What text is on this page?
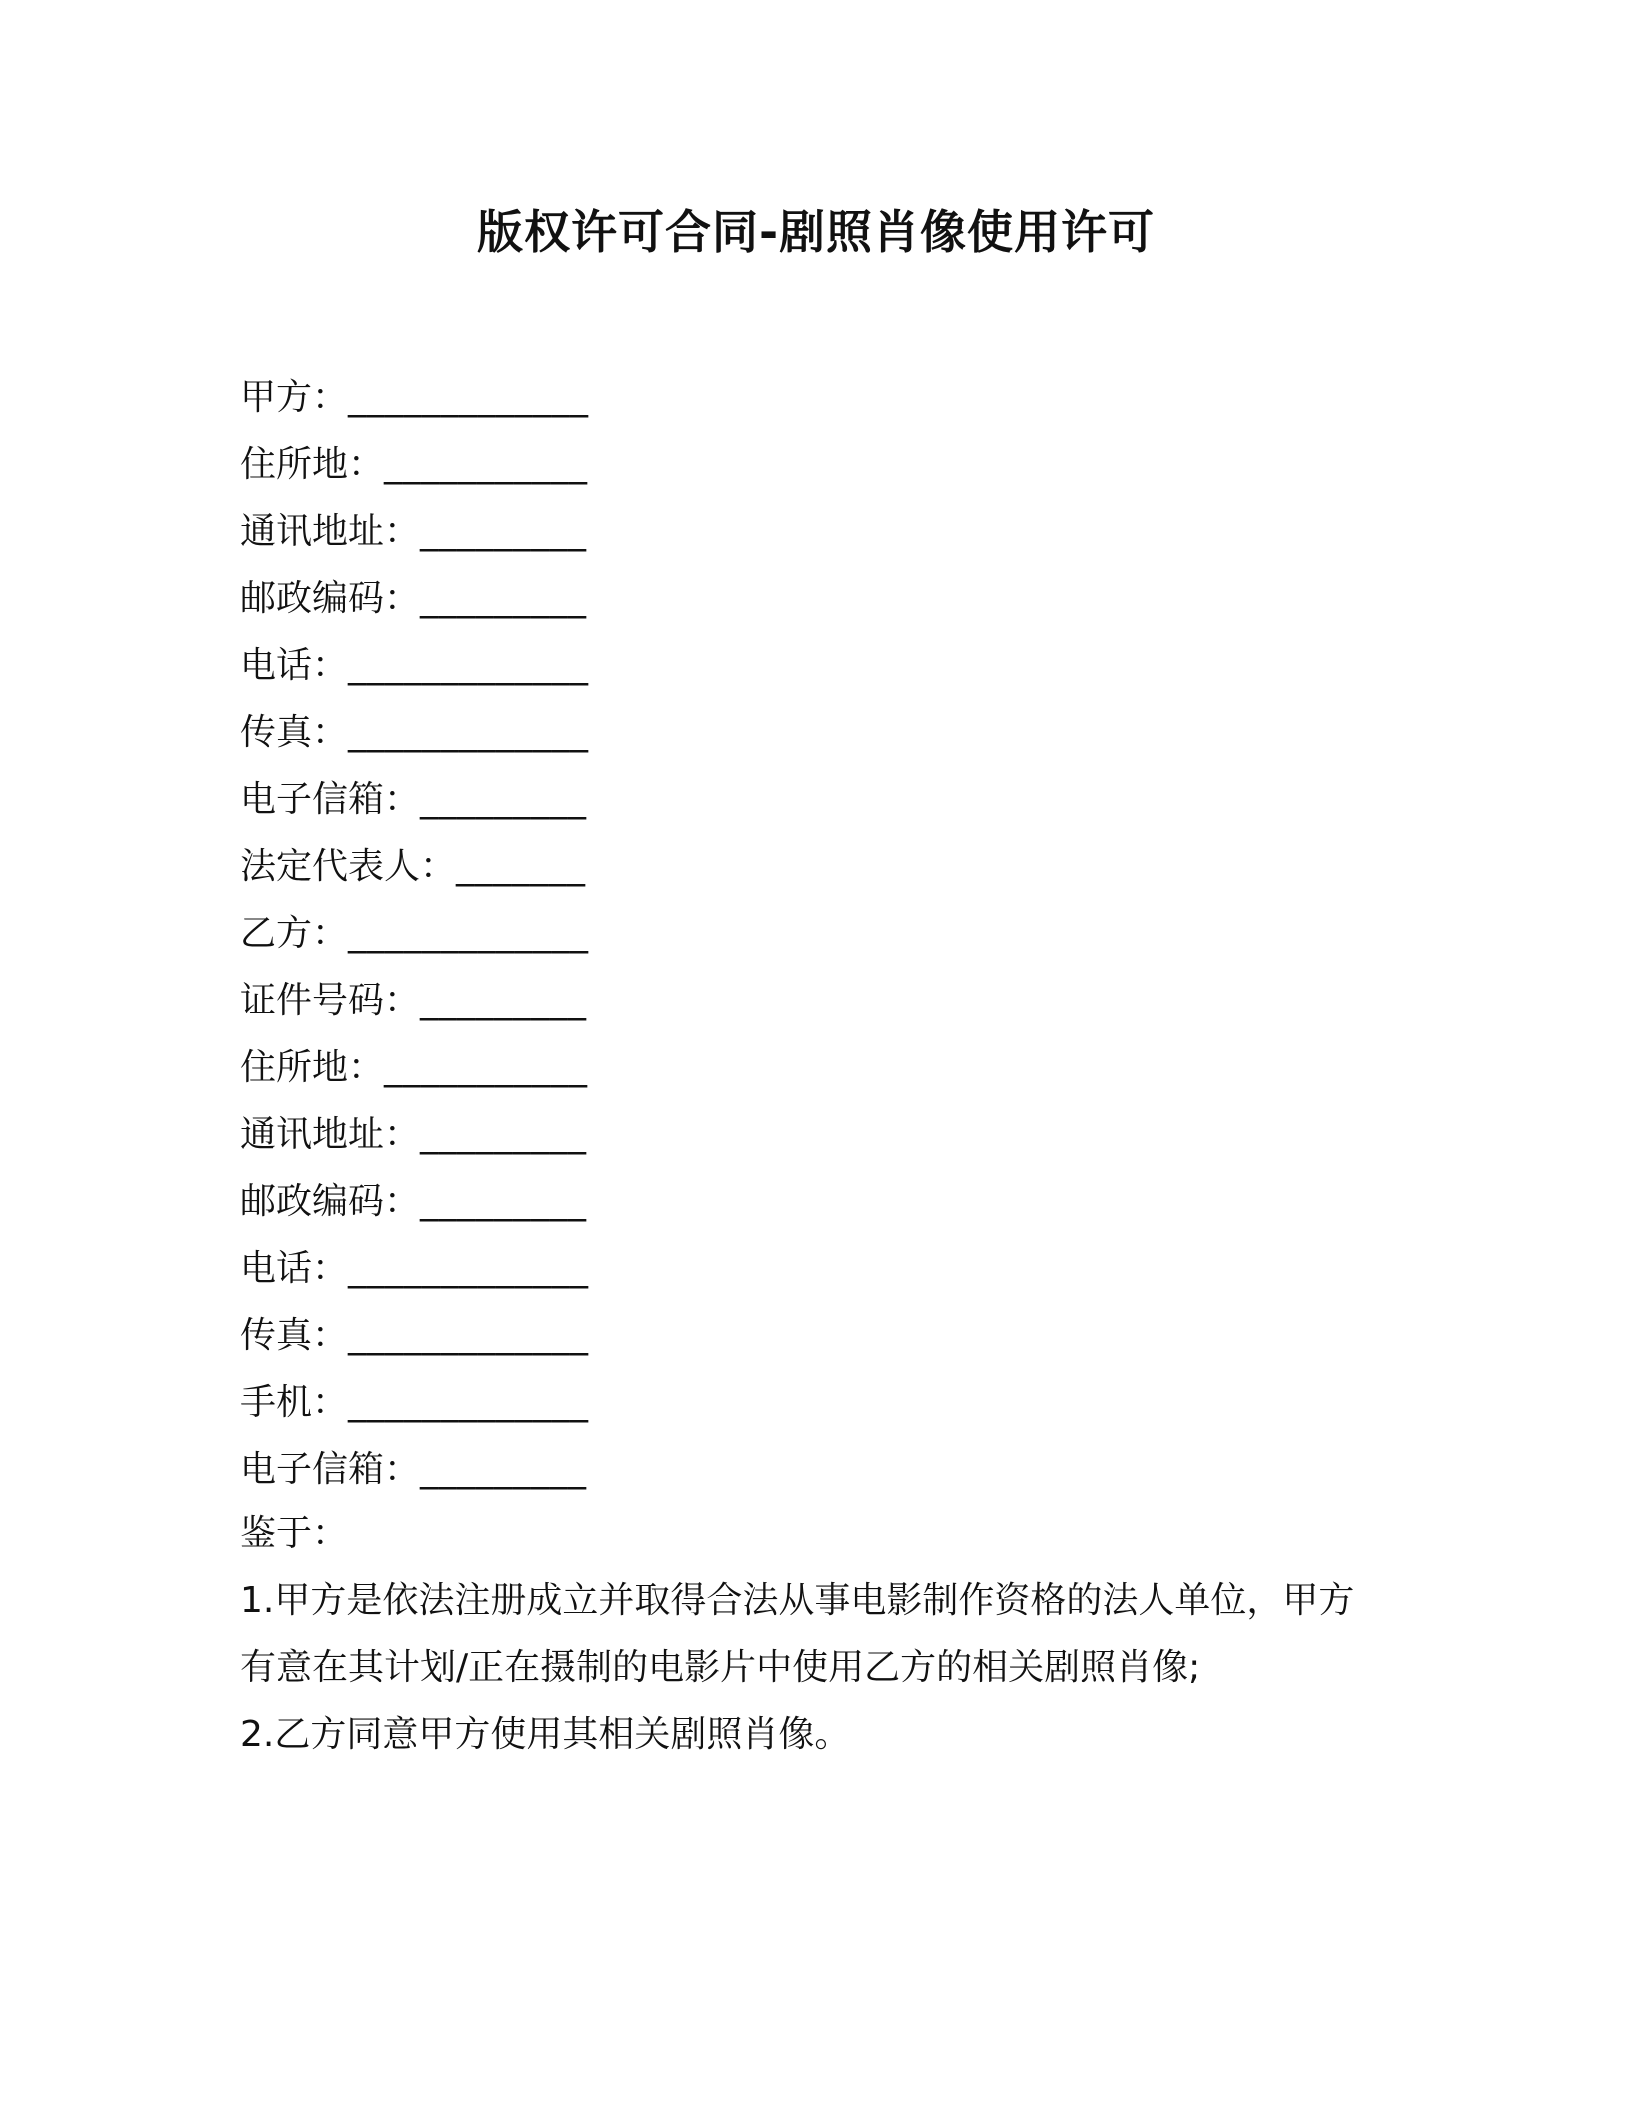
版权许可合同-剧照肖像使用许可
甲方：_____________
住所地：___________
通讯地址：_________
邮政编码：_________
电话：_____________
传真：_____________
电子信箱：_________
法定代表人：_______
乙方：_____________
证件号码：_________
住所地：___________
通讯地址：_________
邮政编码：_________
电话：_____________
传真：_____________
手机：_____________
电子信箱：_________
鉴于：

1.甲方是依法注册成立并取得合法从事电影制作资格的法人单位，甲方有意在其计划/正在摄制的电影片中使用乙方的相关剧照肖像;

2.乙方同意甲方使用其相关剧照肖像。
